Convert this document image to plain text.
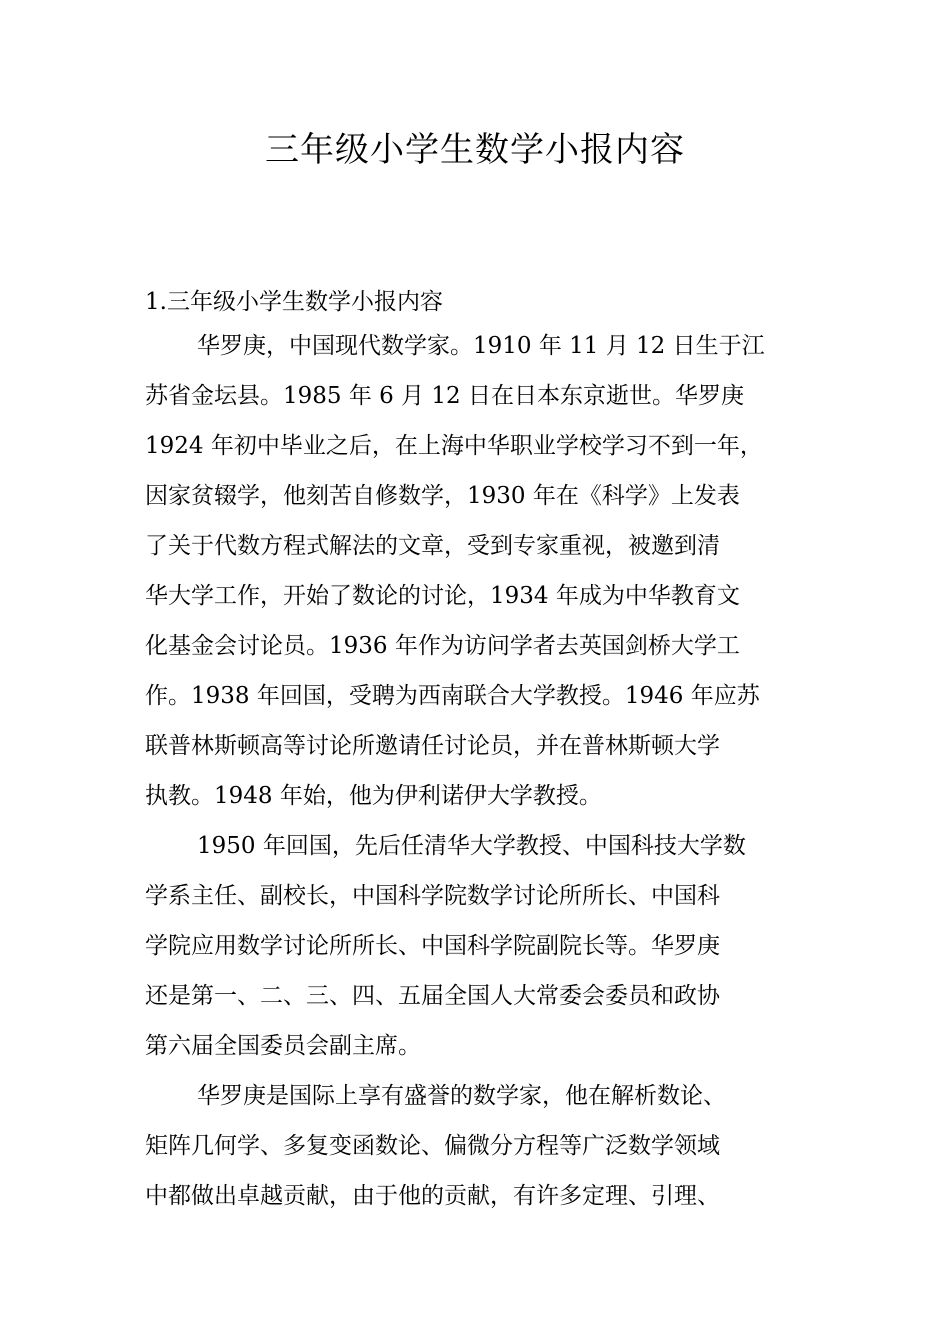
三年级小学生数学小报内容

1.三年级小学生数学小报内容

华罗庚，中国现代数学家。1910 年 11 月 12 日生于江
苏省金坛县。1985 年 6 月 12 日在日本东京逝世。华罗庚
1924 年初中毕业之后，在上海中华职业学校学习不到一年，
因家贫辍学，他刻苦自修数学，1930 年在《科学》上发表
了关于代数方程式解法的文章，受到专家重视，被邀到清
华大学工作，开始了数论的讨论，1934 年成为中华教育文
化基金会讨论员。1936 年作为访问学者去英国剑桥大学工
作。1938 年回国，受聘为西南联合大学教授。1946 年应苏
联普林斯顿高等讨论所邀请任讨论员，并在普林斯顿大学
执教。1948 年始，他为伊利诺伊大学教授。

1950 年回国，先后任清华大学教授、中国科技大学数
学系主任、副校长，中国科学院数学讨论所所长、中国科
学院应用数学讨论所所长、中国科学院副院长等。华罗庚
还是第一、二、三、四、五届全国人大常委会委员和政协
第六届全国委员会副主席。

华罗庚是国际上享有盛誉的数学家，他在解析数论、
矩阵几何学、多复变函数论、偏微分方程等广泛数学领域
中都做出卓越贡献，由于他的贡献，有许多定理、引理、
